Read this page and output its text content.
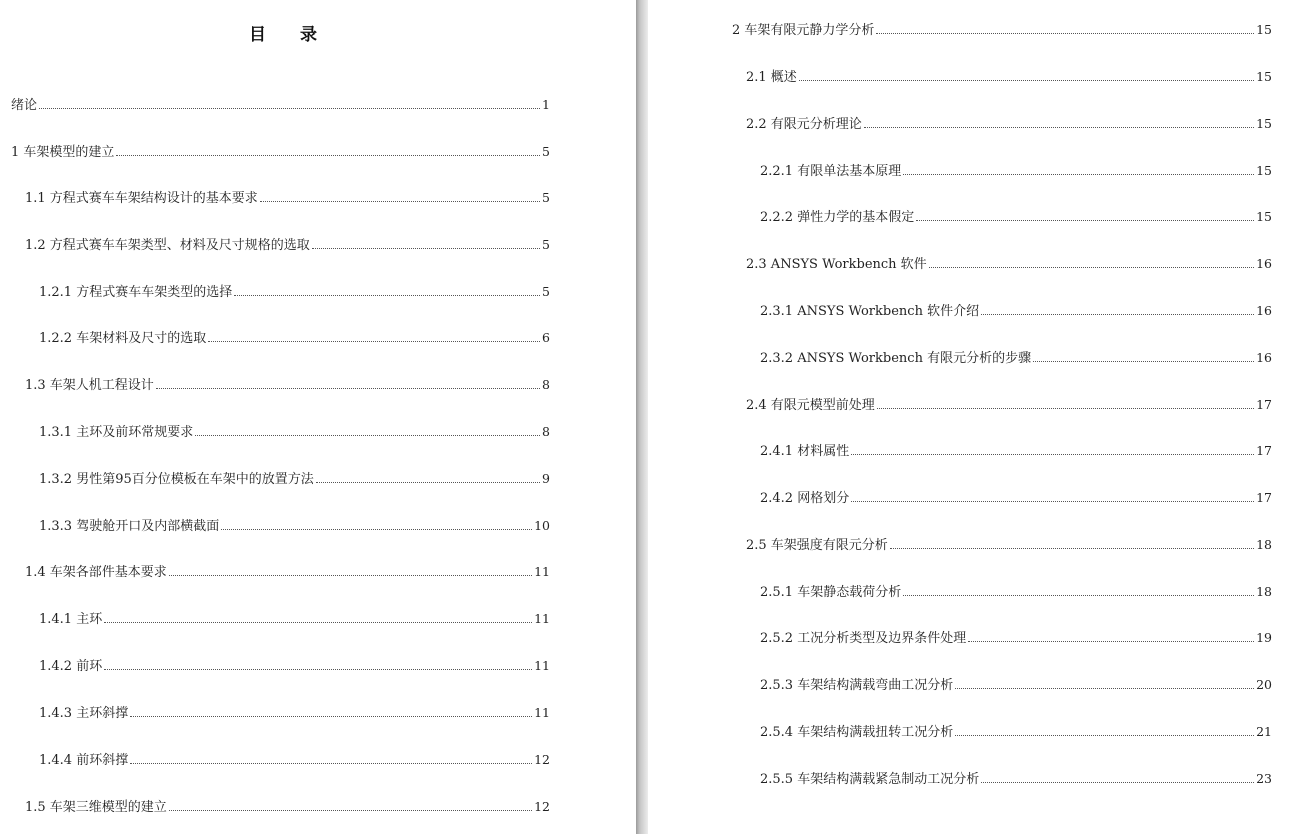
目 录
绪论	1
1 车架模型的建立	5
1.1 方程式赛车车架结构设计的基本要求	5
1.2 方程式赛车车架类型、材料及尺寸规格的选取	5
1.2.1 方程式赛车车架类型的选择	5
1.2.2 车架材料及尺寸的选取	6
1.3 车架人机工程设计	8
1.3.1 主环及前环常规要求	8
1.3.2 男性第95百分位模板在车架中的放置方法	9
1.3.3 驾驶舱开口及内部横截面	10
1.4 车架各部件基本要求	11
1.4.1 主环	11
1.4.2 前环	11
1.4.3 主环斜撑	11
1.4.4 前环斜撑	12
1.5 车架三维模型的建立	12
2 车架有限元静力学分析	15
2.1 概述	15
2.2 有限元分析理论	15
2.2.1 有限单法基本原理	15
2.2.2 弹性力学的基本假定	15
2.3 ANSYS Workbench 软件	16
2.3.1 ANSYS Workbench 软件介绍	16
2.3.2 ANSYS Workbench 有限元分析的步骤	16
2.4 有限元模型前处理	17
2.4.1 材料属性	17
2.4.2 网格划分	17
2.5 车架强度有限元分析	18
2.5.1 车架静态载荷分析	18
2.5.2 工况分析类型及边界条件处理	19
2.5.3 车架结构满载弯曲工况分析	20
2.5.4 车架结构满载扭转工况分析	21
2.5.5 车架结构满载紧急制动工况分析	23
